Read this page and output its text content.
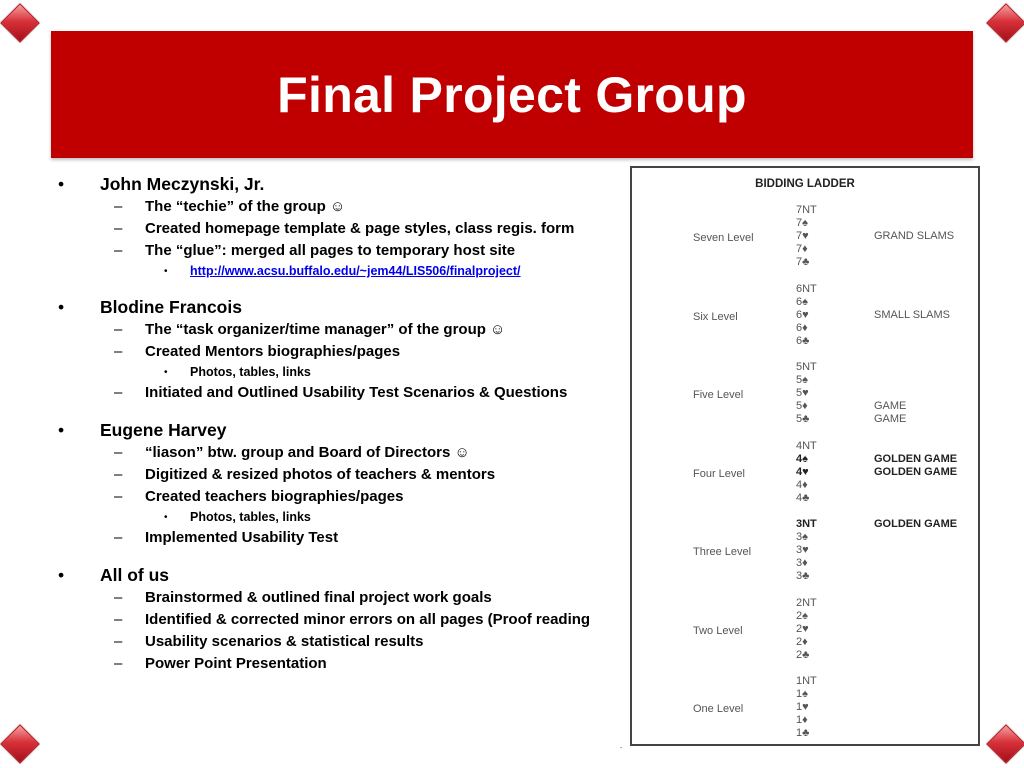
Final Project Group
• John Meczynski, Jr.
– The “techie” of the group ☺
– Created homepage template & page styles, class regis. form
– The “glue”: merged all pages to temporary host site
• http://www.acsu.buffalo.edu/~jem44/LIS506/finalproject/
• Blodine Francois
– The “task organizer/time manager” of the group ☺
– Created Mentors biographies/pages
• Photos, tables, links
– Initiated and Outlined Usability Test Scenarios & Questions
• Eugene Harvey
– “liason” btw. group and Board of Directors ☺
– Digitized & resized photos of teachers & mentors
– Created teachers biographies/pages
• Photos, tables, links
– Implemented Usability Test
• All of us
– Brainstormed & outlined final project work goals
– Identified & corrected minor errors on all pages (Proof reading
– Usability scenarios & statistical results
– Power Point Presentation
BIDDING LADDER
Seven Level
7NT
7♠
7♥
7♦
7♣
GRAND SLAMS
Six Level
6NT
6♠
6♥
6♦
6♣
SMALL SLAMS
Five Level
5NT
5♠
5♥
5♦
5♣
GAME
GAME
Four Level
4NT
4♠
4♥
4♦
4♣
GOLDEN GAME
GOLDEN GAME
Three Level
3NT
3♠
3♥
3♦
3♣
GOLDEN GAME
Two Level
2NT
2♠
2♥
2♦
2♣
One Level
1NT
1♠
1♥
1♦
1♣
-
